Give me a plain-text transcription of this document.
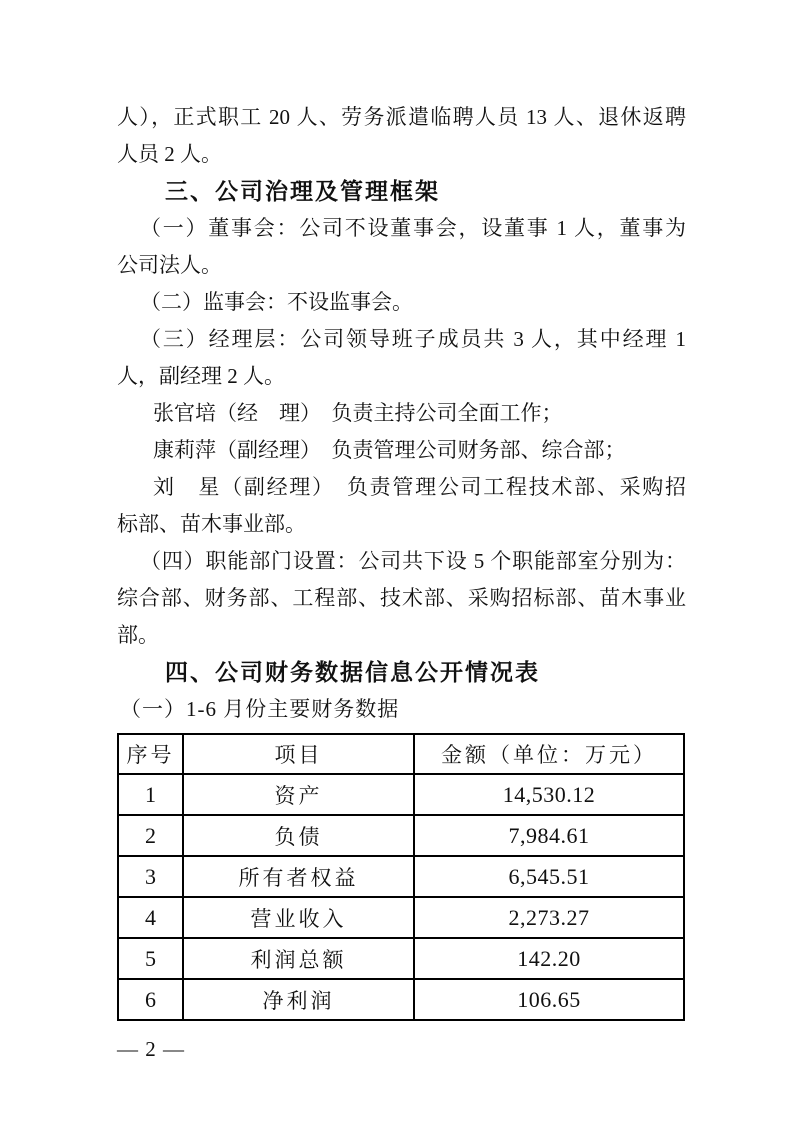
人），正式职工 20 人、劳务派遣临聘人员 13 人、退休返聘
人员 2 人。
三、公司治理及管理框架
（一）董事会：公司不设董事会，设董事 1 人，董事为
公司法人。
（二）监事会：不设监事会。
（三）经理层：公司领导班子成员共 3 人，其中经理 1
人，副经理 2 人。
张官培（经　理）　负责主持公司全面工作；
康莉萍（副经理）　负责管理公司财务部、综合部；
刘　星（副经理）　负责管理公司工程技术部、采购招
标部、苗木事业部。
（四）职能部门设置：公司共下设 5 个职能部室分别为：
综合部、财务部、工程部、技术部、采购招标部、苗木事业
部。
四、公司财务数据信息公开情况表
（一）1-6 月份主要财务数据
序号	项目	金额（单位：万元）
1	资产	14,530.12
2	负债	7,984.61
3	所有者权益	6,545.51
4	营业收入	2,273.27
5	利润总额	142.20
6	净利润	106.65
— 2 —
